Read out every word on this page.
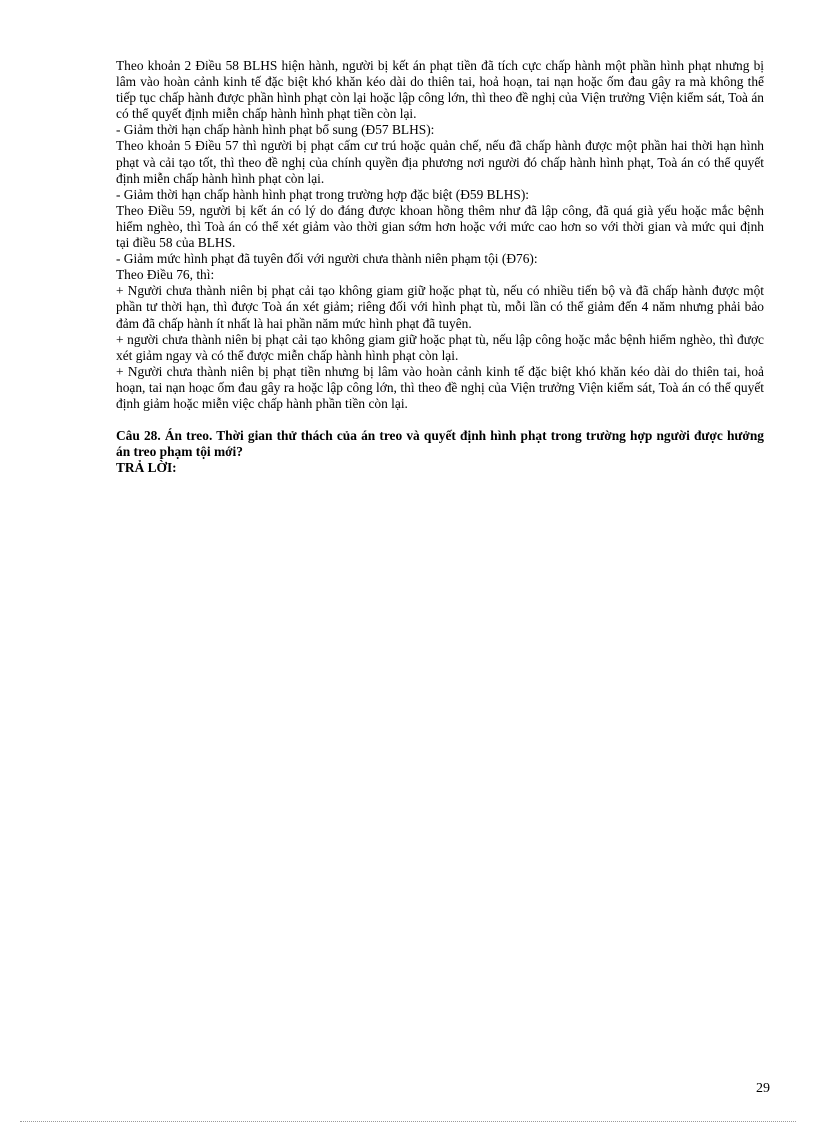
Theo khoản 2 Điều 58 BLHS hiện hành, người bị kết án phạt tiền đã tích cực chấp hành một phần hình phạt nhưng bị lâm vào hoàn cảnh kinh tế đặc biệt khó khăn kéo dài do thiên tai, hoả hoạn, tai nạn hoặc ốm đau gây ra mà không thể tiếp tục chấp hành được phần hình phạt còn lại hoặc lập công lớn, thì theo đề nghị của Viện trưởng Viện kiểm sát, Toà án có thể quyết định miễn chấp hành hình phạt tiền còn lại.

- Giảm thời hạn chấp hành hình phạt bổ sung (Đ57 BLHS):

Theo khoản 5 Điều 57 thì người bị phạt cấm cư trú hoặc quản chế, nếu đã chấp hành được một phần hai thời hạn hình phạt và cải tạo tốt, thì theo đề nghị của chính quyền địa phương nơi người đó chấp hành hình phạt, Toà án có thể quyết định miễn chấp hành hình phạt còn lại.

- Giảm thời hạn chấp hành hình phạt trong trường hợp đặc biệt (Đ59 BLHS):

Theo Điều 59, người bị kết án có lý do đáng được khoan hồng thêm như đã lập công, đã quá già yếu hoặc mắc bệnh hiểm nghèo, thì Toà án có thể xét giảm vào thời gian sớm hơn hoặc với mức cao hơn so với thời gian và mức qui định tại điều 58 của BLHS.

- Giảm mức hình phạt đã tuyên đối với người chưa thành niên phạm tội (Đ76):

Theo Điều 76, thì:

+ Người chưa thành niên bị phạt cải tạo không giam giữ hoặc phạt tù, nếu có nhiều tiến bộ và đã chấp hành được một phần tư thời hạn, thì được Toà án xét giảm; riêng đối với hình phạt tù, mỗi lần có thể giảm đến 4 năm nhưng phải bảo đảm đã chấp hành ít nhất là hai phần năm mức hình phạt đã tuyên.

+ người chưa thành niên bị phạt cải tạo không giam giữ hoặc phạt tù, nếu lập công hoặc mắc bệnh hiểm nghèo, thì được xét giảm ngay và có thể được miễn chấp hành hình phạt còn lại.

+ Người chưa thành niên bị phạt tiền nhưng bị lâm vào hoàn cảnh kinh tế đặc biệt khó khăn kéo dài do thiên tai, hoả hoạn, tai nạn hoạc ốm đau gây ra hoặc lập công lớn, thì theo đề nghị của Viện trưởng Viện kiểm sát, Toà án có thể quyết định giảm hoặc miễn việc chấp hành phần tiền còn lại.

Câu 28. Án treo. Thời gian thử thách của án treo và quyết định hình phạt trong trường hợp người được hưởng án treo phạm tội mới?

TRẢ LỜI:

29
